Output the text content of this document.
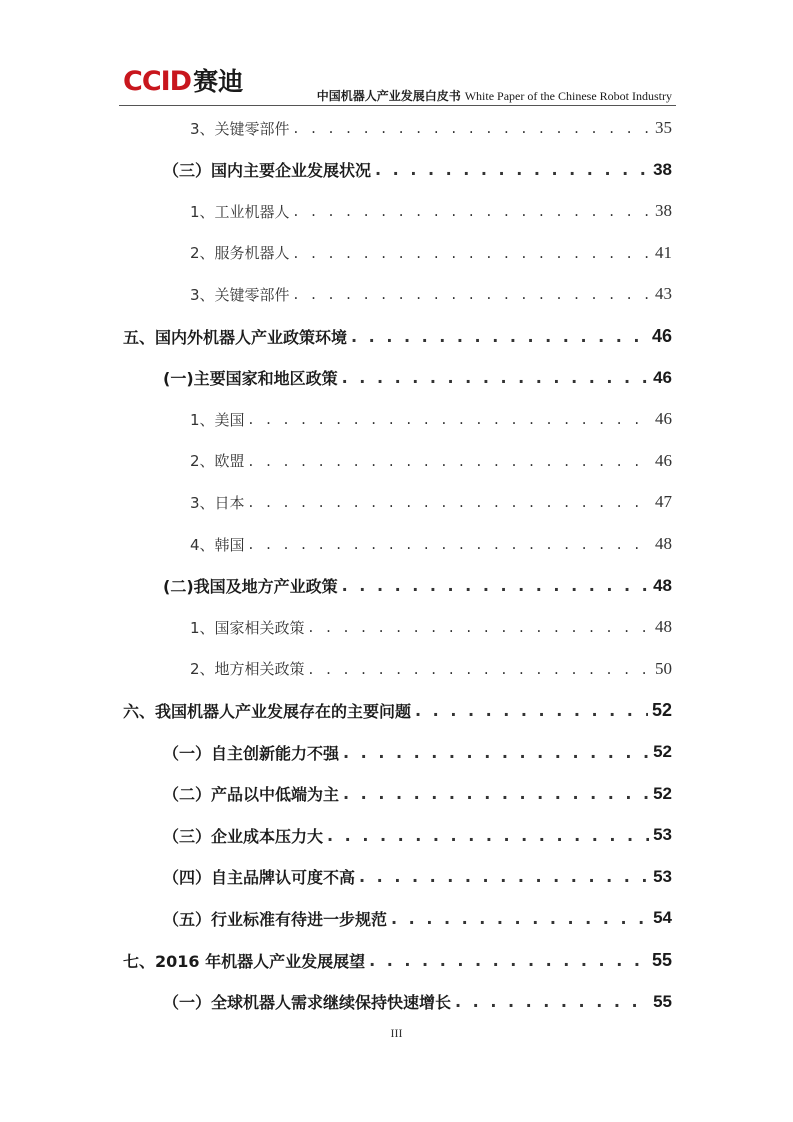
CCID 赛迪	中国机器人产业发展白皮书 White Paper of the Chinese Robot Industry
3、关键零部件 . . .	35
（三）国内主要企业发展状况 . . .	38
1、工业机器人 . . .	38
2、服务机器人 . . .	41
3、关键零部件 . . .	43
五、国内外机器人产业政策环境 . . .	46
(一)主要国家和地区政策 . . .	46
1、美国 . . .	46
2、欧盟 . . .	46
3、日本 . . .	47
4、韩国 . . .	48
(二)我国及地方产业政策 . . .	48
1、国家相关政策 . . .	48
2、地方相关政策 . . .	50
六、我国机器人产业发展存在的主要问题 . . .	52
（一）自主创新能力不强 . . .	52
（二）产品以中低端为主 . . .	52
（三）企业成本压力大 . . .	53
（四）自主品牌认可度不高 . . .	53
（五）行业标准有待进一步规范 . . .	54
七、2016 年机器人产业发展展望 . . .	55
（一）全球机器人需求继续保持快速增长 . . .	55
III
